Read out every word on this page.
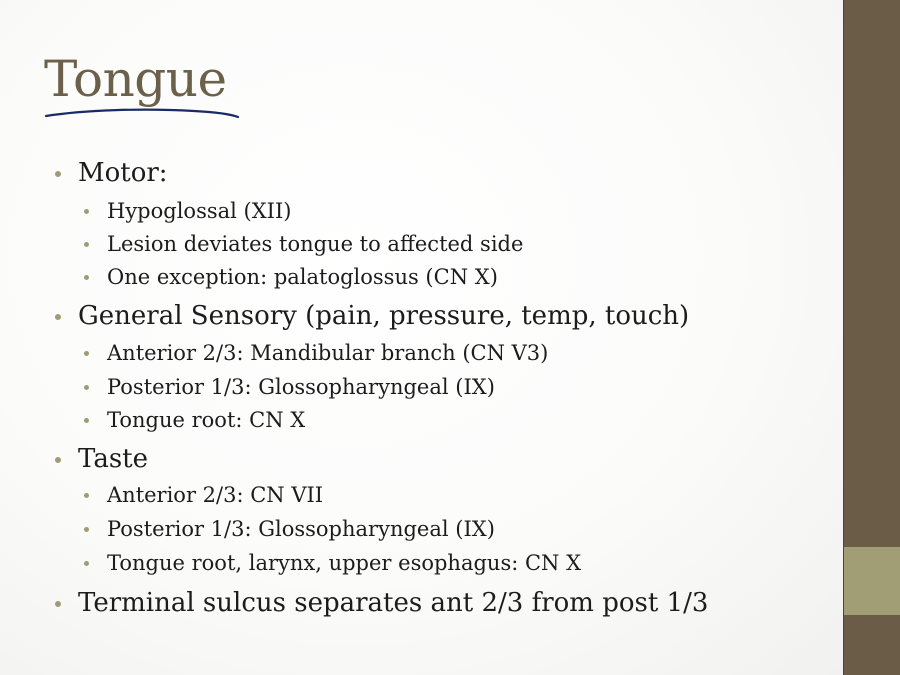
Tongue
Motor:
Hypoglossal (XII)
Lesion deviates tongue to affected side
One exception: palatoglossus (CN X)
General Sensory (pain, pressure, temp, touch)
Anterior 2/3: Mandibular branch (CN V3)
Posterior 1/3: Glossopharyngeal (IX)
Tongue root: CN X
Taste
Anterior 2/3: CN VII
Posterior 1/3: Glossopharyngeal (IX)
Tongue root, larynx, upper esophagus: CN X
Terminal sulcus separates ant 2/3 from post 1/3
